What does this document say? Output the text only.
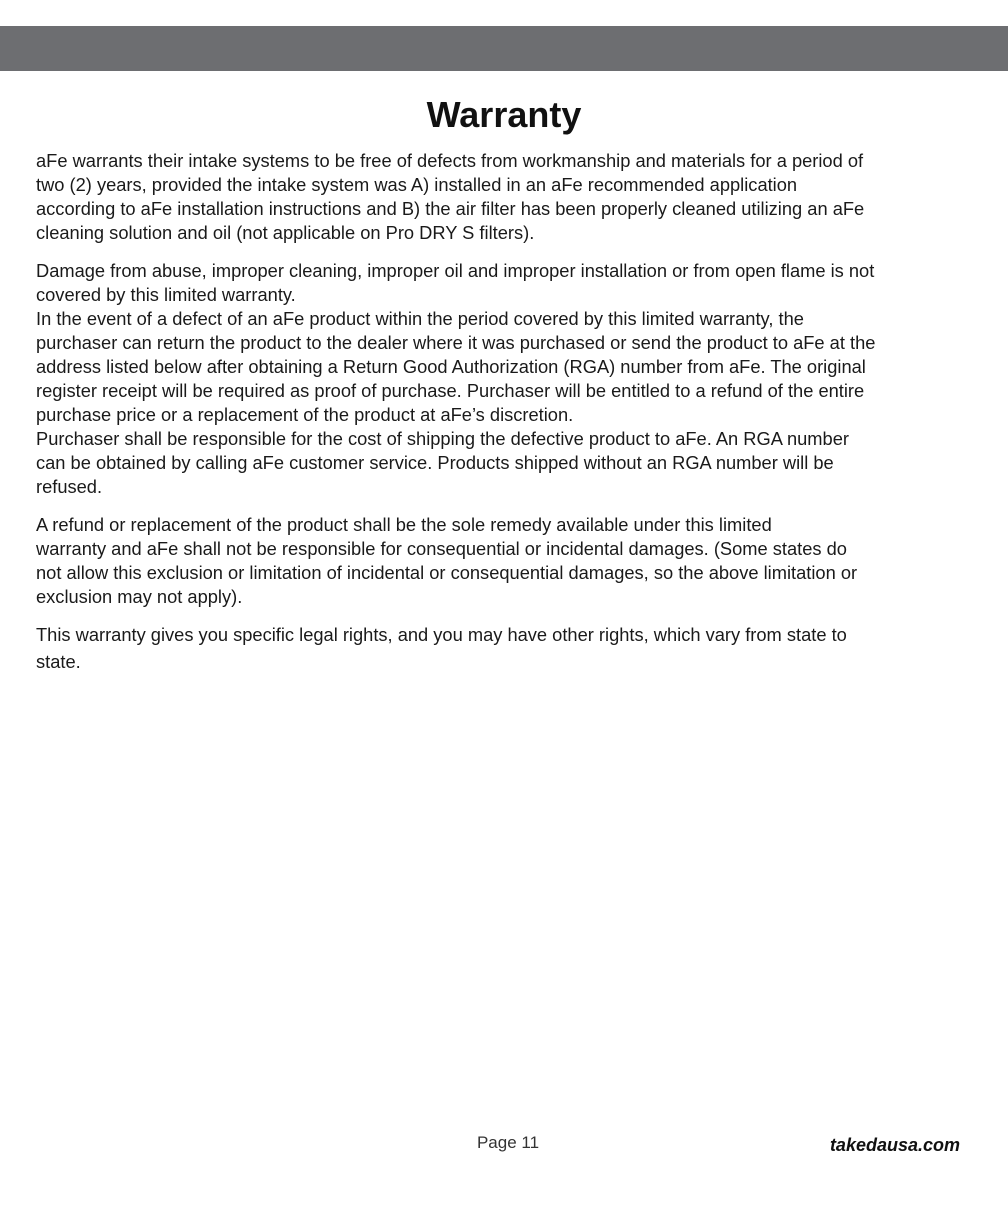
Warranty

aFe warrants their intake systems to be free of defects from workmanship and materials for a period of
two (2) years, provided the intake system was A) installed in an aFe recommended application
according to aFe installation instructions and B) the air filter has been properly cleaned utilizing an aFe
cleaning solution and oil (not applicable on Pro DRY S filters).

Damage from abuse, improper cleaning, improper oil and improper installation or from open flame is not
covered by this limited warranty.
In the event of a defect of an aFe product within the period covered by this limited warranty, the
purchaser can return the product to the dealer where it was purchased or send the product to aFe at the
address listed below after obtaining a Return Good Authorization (RGA) number from aFe. The original
register receipt will be required as proof of purchase. Purchaser will be entitled to a refund of the entire
purchase price or a replacement of the product at aFe’s discretion.
Purchaser shall be responsible for the cost of shipping the defective product to aFe. An RGA number
can be obtained by calling aFe customer service. Products shipped without an RGA number will be
refused.

A refund or replacement of the product shall be the sole remedy available under this limited
warranty and aFe shall not be responsible for consequential or incidental damages. (Some states do
not allow this exclusion or limitation of incidental or consequential damages, so the above limitation or
exclusion may not apply).

This warranty gives you specific legal rights, and you may have other rights, which vary from state to
state.

Page 11	takedausa.com
